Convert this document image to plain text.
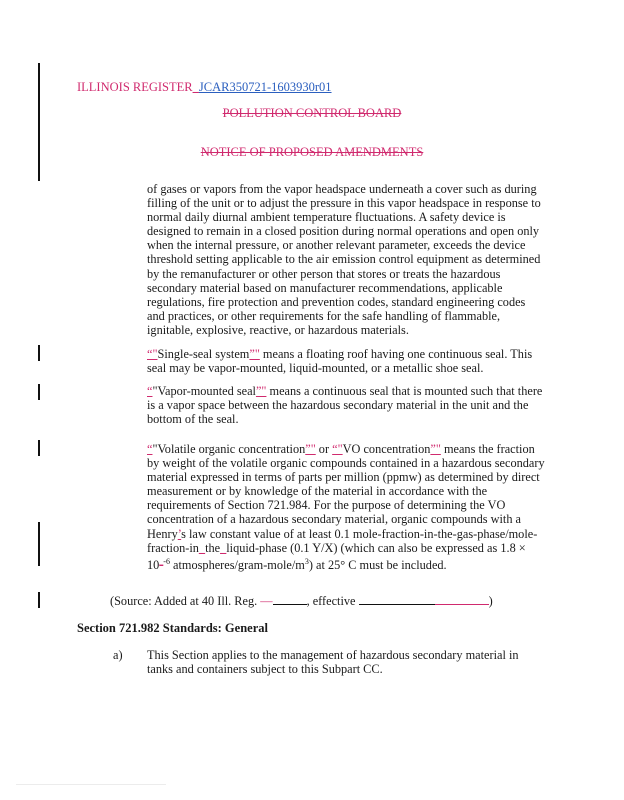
ILLINOIS REGISTER_JCAR350721-1603930r01
POLLUTION CONTROL BOARD
NOTICE OF PROPOSED AMENDMENTS

of gases or vapors from the vapor headspace underneath a cover such as during filling of the unit or to adjust the pressure in this vapor headspace in response to normal daily diurnal ambient temperature fluctuations. A safety device is designed to remain in a closed position during normal operations and open only when the internal pressure, or another relevant parameter, exceeds the device threshold setting applicable to the air emission control equipment as determined by the remanufacturer or other person that stores or treats the hazardous secondary material based on manufacturer recommendations, applicable regulations, fire protection and prevention codes, standard engineering codes and practices, or other requirements for the safe handling of flammable, ignitable, explosive, reactive, or hazardous materials.

“"Single-seal system”" means a floating roof having one continuous seal. This seal may be vapor-mounted, liquid-mounted, or a metallic shoe seal.

“"Vapor-mounted seal”" means a continuous seal that is mounted such that there is a vapor space between the hazardous secondary material in the unit and the bottom of the seal.

“"Volatile organic concentration”" or “"VO concentration”" means the fraction by weight of the volatile organic compounds contained in a hazardous secondary material expressed in terms of parts per million (ppmw) as determined by direct measurement or by knowledge of the material in accordance with the requirements of Section 721.984. For the purpose of determining the VO concentration of a hazardous secondary material, organic compounds with a Henry’s law constant value of at least 0.1 mole-fraction-in-the-gas-phase/mole-fraction-in_the_liquid-phase (0.1 Y/X) (which can also be expressed as $1.8 \times 10^{\_-6}$ atmospheres/$gram-mole/m^3$) at 25° C must be included.

(Source: Added at 40 Ill. Reg. —	, effective	)
Section 721.982 Standards: General
a) This Section applies to the management of hazardous secondary material in tanks and containers subject to this Subpart CC.
